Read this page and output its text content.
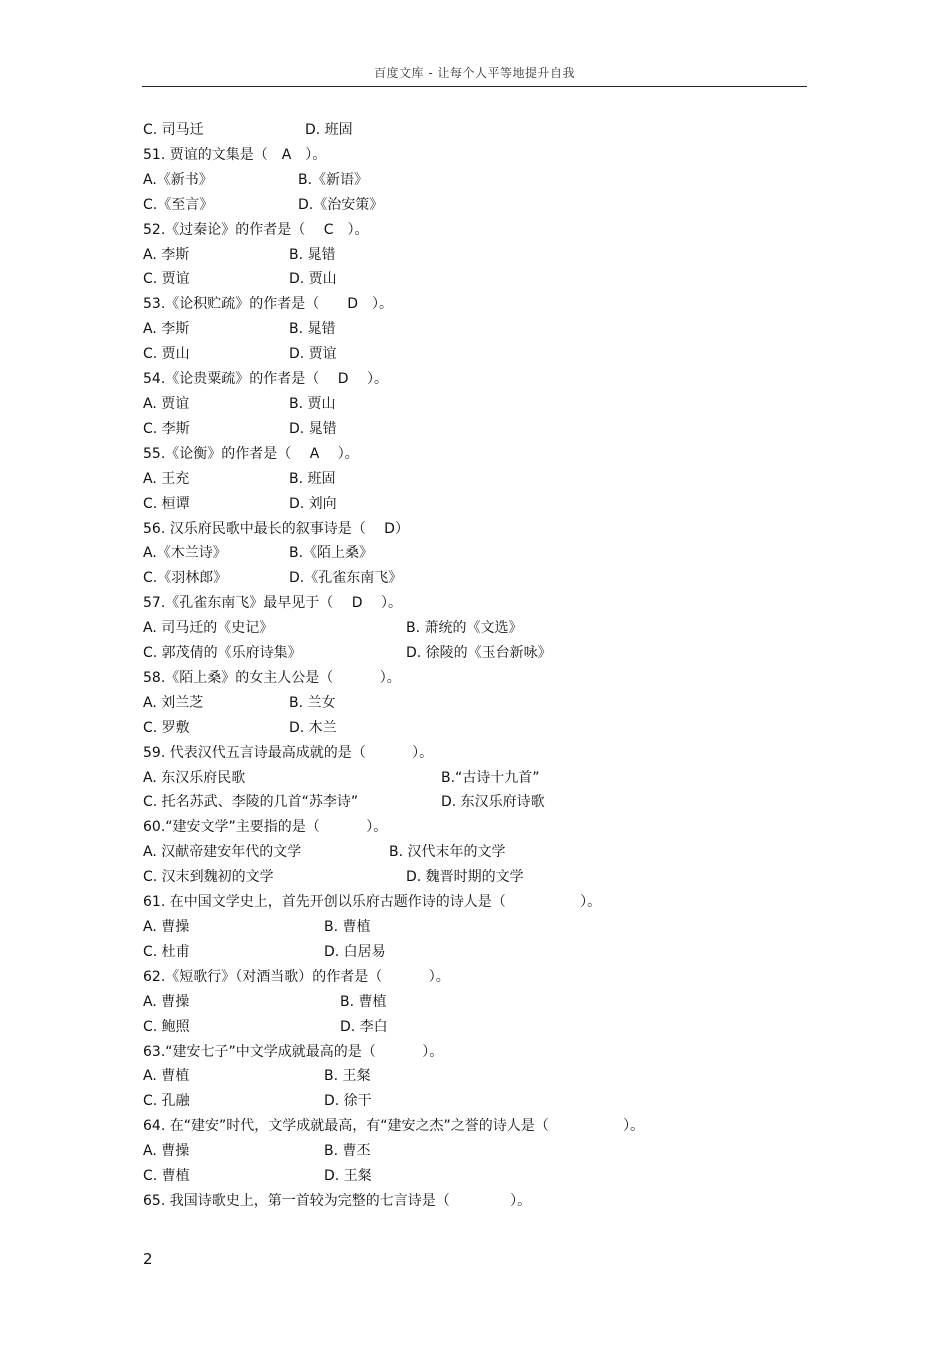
百度文库 - 让每个人平等地提升自我
C. 司马迁	D. 班固
51. 贾谊的文集是（　A　）。
A.《新书》	B.《新语》
C.《至言》	D.《治安策》
52.《过秦论》的作者是（　 C　）。
A. 李斯	B. 晁错
C. 贾谊	D. 贾山
53.《论积贮疏》的作者是（　　D　）。
A. 李斯	B. 晁错
C. 贾山	D. 贾谊
54.《论贵粟疏》的作者是（　 D　 ）。
A. 贾谊	B. 贾山
C. 李斯	D. 晁错
55.《论衡》的作者是（　 A　 ）。
A. 王充	B. 班固
C. 桓谭	D. 刘向
56. 汉乐府民歌中最长的叙事诗是（　 D）
A.《木兰诗》	B.《陌上桑》
C.《羽林郎》	D.《孔雀东南飞》
57.《孔雀东南飞》最早见于（　 D　 ）。
A. 司马迁的《史记》	B. 萧统的《文选》
C. 郭茂倩的《乐府诗集》	D. 徐陵的《玉台新咏》
58.《陌上桑》的女主人公是（　　　 ）。
A. 刘兰芝	B. 兰女
C. 罗敷	D. 木兰
59. 代表汉代五言诗最高成就的是（　　　 ）。
A. 东汉乐府民歌	B.“古诗十九首”
C. 托名苏武、李陵的几首“苏李诗”	D. 东汉乐府诗歌
60.“建安文学”主要指的是（　　　 ）。
A. 汉献帝建安年代的文学	B. 汉代末年的文学
C. 汉末到魏初的文学	D. 魏晋时期的文学
61. 在中国文学史上，首先开创以乐府古题作诗的诗人是（　　　　　 ）。
A. 曹操	B. 曹植
C. 杜甫	D. 白居易
62.《短歌行》（对酒当歌）的作者是（　　　 ）。
A. 曹操	B. 曹植
C. 鲍照	D. 李白
63.“建安七子”中文学成就最高的是（　　　 ）。
A. 曹植	B. 王粲
C. 孔融	D. 徐干
64. 在“建安”时代，文学成就最高，有“建安之杰”之誉的诗人是（　　　　　 ）。
A. 曹操	B. 曹丕
C. 曹植	D. 王粲
65. 我国诗歌史上，第一首较为完整的七言诗是（　　　　 ）。
2
